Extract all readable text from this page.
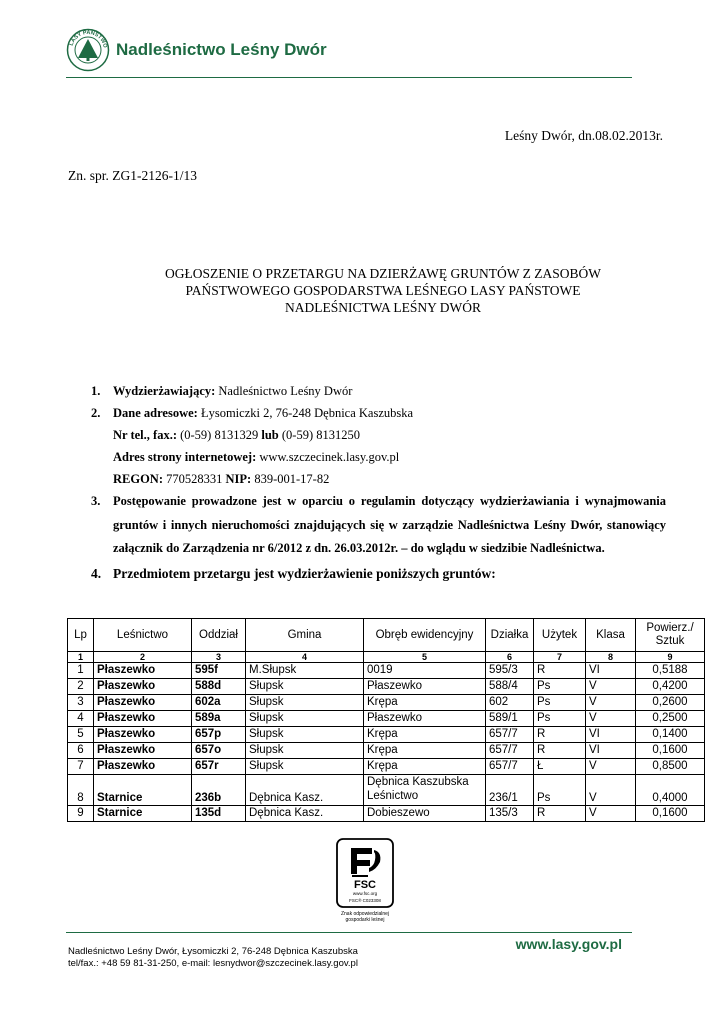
LASY PAŃSTWO Nadleśnictwo Leśny Dwór
Leśny Dwór, dn.08.02.2013r.
Zn. spr. ZG1-2126-1/13
OGŁOSZENIE O PRZETARGU NA DZIERŻAWĘ GRUNTÓW Z ZASOBÓW
PAŃSTWOWEGO GOSPODARSTWA LEŚNEGO LASY PAŃSTOWE
NADLEŚNICTWA LEŚNY DWÓR
1. Wydzierżawiający: Nadleśnictwo Leśny Dwór
2. Dane adresowe: Łysomiczki 2, 76-248 Dębnica Kaszubska
Nr tel., fax.: (0-59) 8131329 lub (0-59) 8131250
Adres strony internetowej: www.szczecinek.lasy.gov.pl
REGON: 770528331 NIP: 839-001-17-82
3. Postępowanie prowadzone jest w oparciu o regulamin dotyczący wydzierżawiania i wynajmowania gruntów i innych nieruchomości znajdujących się w zarządzie Nadleśnictwa Leśny Dwór, stanowiący załącznik do Zarządzenia nr 6/2012 z dn. 26.03.2012r. – do wglądu w siedzibie Nadleśnictwa.
4. Przedmiotem przetargu jest wydzierżawienie poniższych gruntów:
Lp	Leśnictwo	Oddział	Gmina	Obręb ewidencyjny	Działka	Użytek	Klasa	Powierz./ Sztuk
1	2	3	4	5	6	7	8	9
1	Płaszewko	595f	M.Słupsk	0019	595/3	R	VI	0,5188
2	Płaszewko	588d	Słupsk	Płaszewko	588/4	Ps	V	0,4200
3	Płaszewko	602a	Słupsk	Krępa	602	Ps	V	0,2600
4	Płaszewko	589a	Słupsk	Płaszewko	589/1	Ps	V	0,2500
5	Płaszewko	657p	Słupsk	Krępa	657/7	R	VI	0,1400
6	Płaszewko	657o	Słupsk	Krępa	657/7	R	VI	0,1600
7	Płaszewko	657r	Słupsk	Krępa	657/7	Ł	V	0,8500
8	Starnice	236b	Dębnica Kasz.	Dębnica Kaszubska Leśnictwo	236/1	Ps	V	0,4000
9	Starnice	135d	Dębnica Kasz.	Dobieszewo	135/3	R	V	0,1600
FSC
www.fsc.org
FSC® C023308
Znak odpowiedzialnej gospodarki leśnej
www.lasy.gov.pl
Nadleśnictwo Leśny Dwór, Łysomiczki 2, 76-248 Dębnica Kaszubska
tel/fax.: +48 59 81-31-250, e-mail: lesnydwor@szczecinek.lasy.gov.pl
